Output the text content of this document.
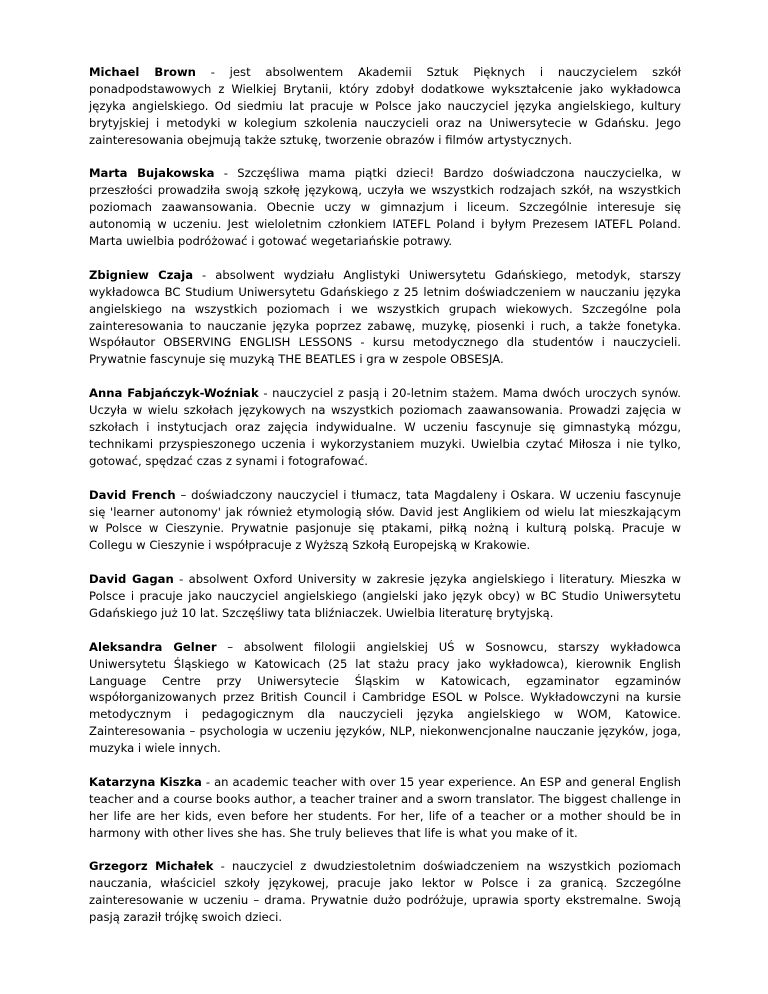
Michael Brown - jest absolwentem Akademii Sztuk Pięknych i nauczycielem szkół ponadpodstawowych z Wielkiej Brytanii, który zdobył dodatkowe wykształcenie jako wykładowca języka angielskiego. Od siedmiu lat pracuje w Polsce jako nauczyciel języka angielskiego, kultury brytyjskiej i metodyki w kolegium szkolenia nauczycieli oraz na Uniwersytecie w Gdańsku. Jego zainteresowania obejmują także sztukę, tworzenie obrazów i filmów artystycznych.

Marta Bujakowska - Szczęśliwa mama piątki dzieci! Bardzo doświadczona nauczycielka, w przeszłości prowadziła swoją szkołę językową, uczyła we wszystkich rodzajach szkół, na wszystkich poziomach zaawansowania. Obecnie uczy w gimnazjum i liceum. Szczególnie interesuje się autonomią w uczeniu. Jest wieloletnim członkiem IATEFL Poland i byłym Prezesem IATEFL Poland. Marta uwielbia podróżować i gotować wegetariańskie potrawy.

Zbigniew Czaja - absolwent wydziału Anglistyki Uniwersytetu Gdańskiego, metodyk, starszy wykładowca BC Studium Uniwersytetu Gdańskiego z 25 letnim doświadczeniem w nauczaniu języka angielskiego na wszystkich poziomach i we wszystkich grupach wiekowych. Szczególne pola zainteresowania to nauczanie języka poprzez zabawę, muzykę, piosenki i ruch, a także fonetyka. Współautor OBSERVING ENGLISH LESSONS - kursu metodycznego dla studentów i nauczycieli. Prywatnie fascynuje się muzyką THE BEATLES i gra w zespole OBSESJA.

Anna Fabjańczyk-Woźniak - nauczyciel z pasją i 20-letnim stażem. Mama dwóch uroczych synów. Uczyła w wielu szkołach językowych na wszystkich poziomach zaawansowania. Prowadzi zajęcia w szkołach i instytucjach oraz zajęcia indywidualne. W uczeniu fascynuje się gimnastyką mózgu, technikami przyspieszonego uczenia i wykorzystaniem muzyki. Uwielbia czytać Miłosza i nie tylko, gotować, spędzać czas z synami i fotografować.

David French – doświadczony nauczyciel i tłumacz, tata Magdaleny i Oskara. W uczeniu fascynuje się 'learner autonomy' jak również etymologią słów. David jest Anglikiem od wielu lat mieszkającym w Polsce w Cieszynie. Prywatnie pasjonuje się ptakami, piłką nożną i kulturą polską. Pracuje w Collegu w Cieszynie i współpracuje z Wyższą Szkołą Europejską w Krakowie.

David Gagan - absolwent Oxford University w zakresie języka angielskiego i literatury. Mieszka w Polsce i pracuje jako nauczyciel angielskiego (angielski jako język obcy) w BC Studio Uniwersytetu Gdańskiego już 10 lat. Szczęśliwy tata bliźniaczek. Uwielbia literaturę brytyjską.

Aleksandra Gelner – absolwent filologii angielskiej UŚ w Sosnowcu, starszy wykładowca Uniwersytetu Śląskiego w Katowicach (25 lat stażu pracy jako wykładowca), kierownik English Language Centre przy Uniwersytecie Śląskim w Katowicach, egzaminator egzaminów współorganizowanych przez British Council i Cambridge ESOL w Polsce. Wykładowczyni na kursie metodycznym i pedagogicznym dla nauczycieli języka angielskiego w WOM, Katowice. Zainteresowania – psychologia w uczeniu języków, NLP, niekonwencjonalne nauczanie języków, joga, muzyka i wiele innych.

Katarzyna Kiszka - an academic teacher with over 15 year experience. An ESP and general English teacher and a course books author, a teacher trainer and a sworn translator. The biggest challenge in her life are her kids, even before her students. For her, life of a teacher or a mother should be in harmony with other lives she has. She truly believes that life is what you make of it.

Grzegorz Michałek - nauczyciel z dwudziestoletnim doświadczeniem na wszystkich poziomach nauczania, właściciel szkoły językowej, pracuje jako lektor w Polsce i za granicą. Szczególne zainteresowanie w uczeniu – drama. Prywatnie dużo podróżuje, uprawia sporty ekstremalne. Swoją pasją zaraził trójkę swoich dzieci.
